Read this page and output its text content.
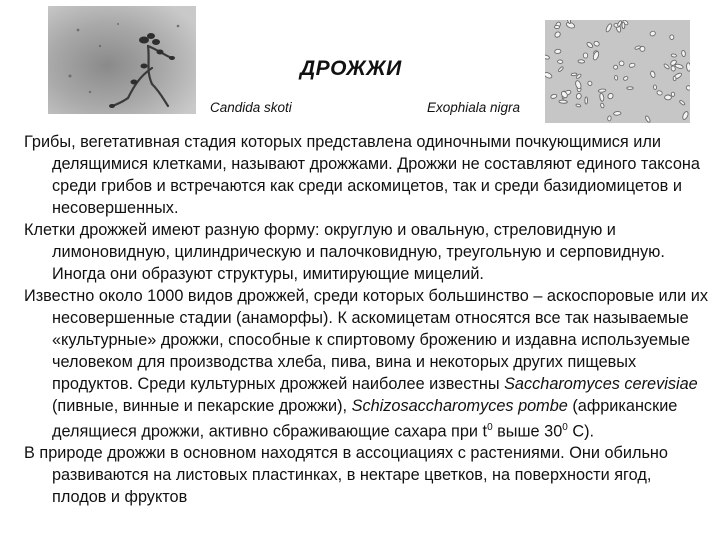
ДРОЖЖИ
Candida skoti	Exophiala nigra

Грибы, вегетативная стадия которых представлена одиночными почкующимися или делящимися клетками, называют дрожжами. Дрожжи не составляют единого таксона среди грибов и встречаются как среди аскомицетов, так и среди базидиомицетов и несовершенных.

Клетки дрожжей имеют разную форму: округлую и овальную, стреловидную и лимоновидную, цилиндрическую и палочковидную, треугольную и серповидную. Иногда они образуют структуры, имитирующие мицелий.

Известно около 1000 видов дрожжей, среди которых большинство – аскоспоровые или их несовершенные стадии (анаморфы). К аскомицетам относятся все так называемые «культурные» дрожжи, способные к спиртовому брожению и издавна используемые человеком для производства хлеба, пива, вина и некоторых других пищевых продуктов. Среди культурных дрожжей наиболее известны Saccharomyces cerevisiae (пивные, винные и пекарские дрожжи), Schizosaccharomyces pombe (африканские делящиеся дрожжи, активно сбраживающие сахара при $t^0$ выше $30^0$ С).

В природе дрожжи в основном находятся в ассоциациях с растениями. Они обильно развиваются на листовых пластинках, в нектаре цветков, на поверхности ягод, плодов и фруктов
